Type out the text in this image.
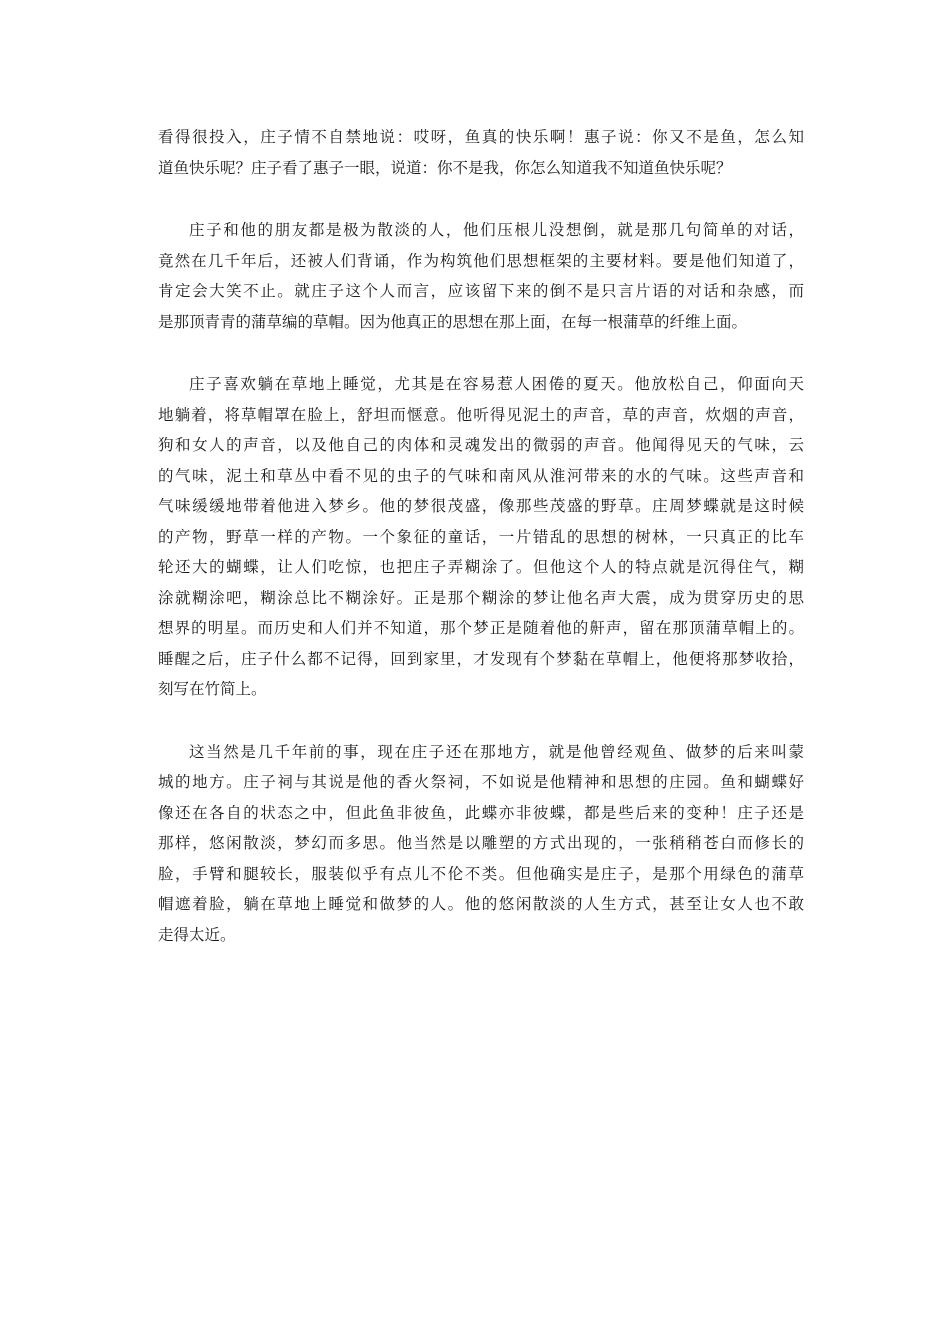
看得很投入，庄子情不自禁地说：哎呀，鱼真的快乐啊！惠子说：你又不是鱼，怎么知
道鱼快乐呢？庄子看了惠子一眼，说道：你不是我，你怎么知道我不知道鱼快乐呢？

庄子和他的朋友都是极为散淡的人，他们压根儿没想倒，就是那几句简单的对话，
竟然在几千年后，还被人们背诵，作为构筑他们思想框架的主要材料。要是他们知道了，
肯定会大笑不止。就庄子这个人而言，应该留下来的倒不是只言片语的对话和杂感，而
是那顶青青的蒲草编的草帽。因为他真正的思想在那上面，在每一根蒲草的纤维上面。

庄子喜欢躺在草地上睡觉，尤其是在容易惹人困倦的夏天。他放松自己，仰面向天
地躺着，将草帽罩在脸上，舒坦而惬意。他听得见泥土的声音，草的声音，炊烟的声音，
狗和女人的声音，以及他自己的肉体和灵魂发出的微弱的声音。他闻得见天的气味，云
的气味，泥土和草丛中看不见的虫子的气味和南风从淮河带来的水的气味。这些声音和
气味缓缓地带着他进入梦乡。他的梦很茂盛，像那些茂盛的野草。庄周梦蝶就是这时候
的产物，野草一样的产物。一个象征的童话，一片错乱的思想的树林，一只真正的比车
轮还大的蝴蝶，让人们吃惊，也把庄子弄糊涂了。但他这个人的特点就是沉得住气，糊
涂就糊涂吧，糊涂总比不糊涂好。正是那个糊涂的梦让他名声大震，成为贯穿历史的思
想界的明星。而历史和人们并不知道，那个梦正是随着他的鼾声，留在那顶蒲草帽上的。
睡醒之后，庄子什么都不记得，回到家里，才发现有个梦黏在草帽上，他便将那梦收拾，
刻写在竹简上。

这当然是几千年前的事，现在庄子还在那地方，就是他曾经观鱼、做梦的后来叫蒙
城的地方。庄子祠与其说是他的香火祭祠，不如说是他精神和思想的庄园。鱼和蝴蝶好
像还在各自的状态之中，但此鱼非彼鱼，此蝶亦非彼蝶，都是些后来的变种！庄子还是
那样，悠闲散淡，梦幻而多思。他当然是以雕塑的方式出现的，一张稍稍苍白而修长的
脸，手臂和腿较长，服装似乎有点儿不伦不类。但他确实是庄子，是那个用绿色的蒲草
帽遮着脸，躺在草地上睡觉和做梦的人。他的悠闲散淡的人生方式，甚至让女人也不敢
走得太近。
